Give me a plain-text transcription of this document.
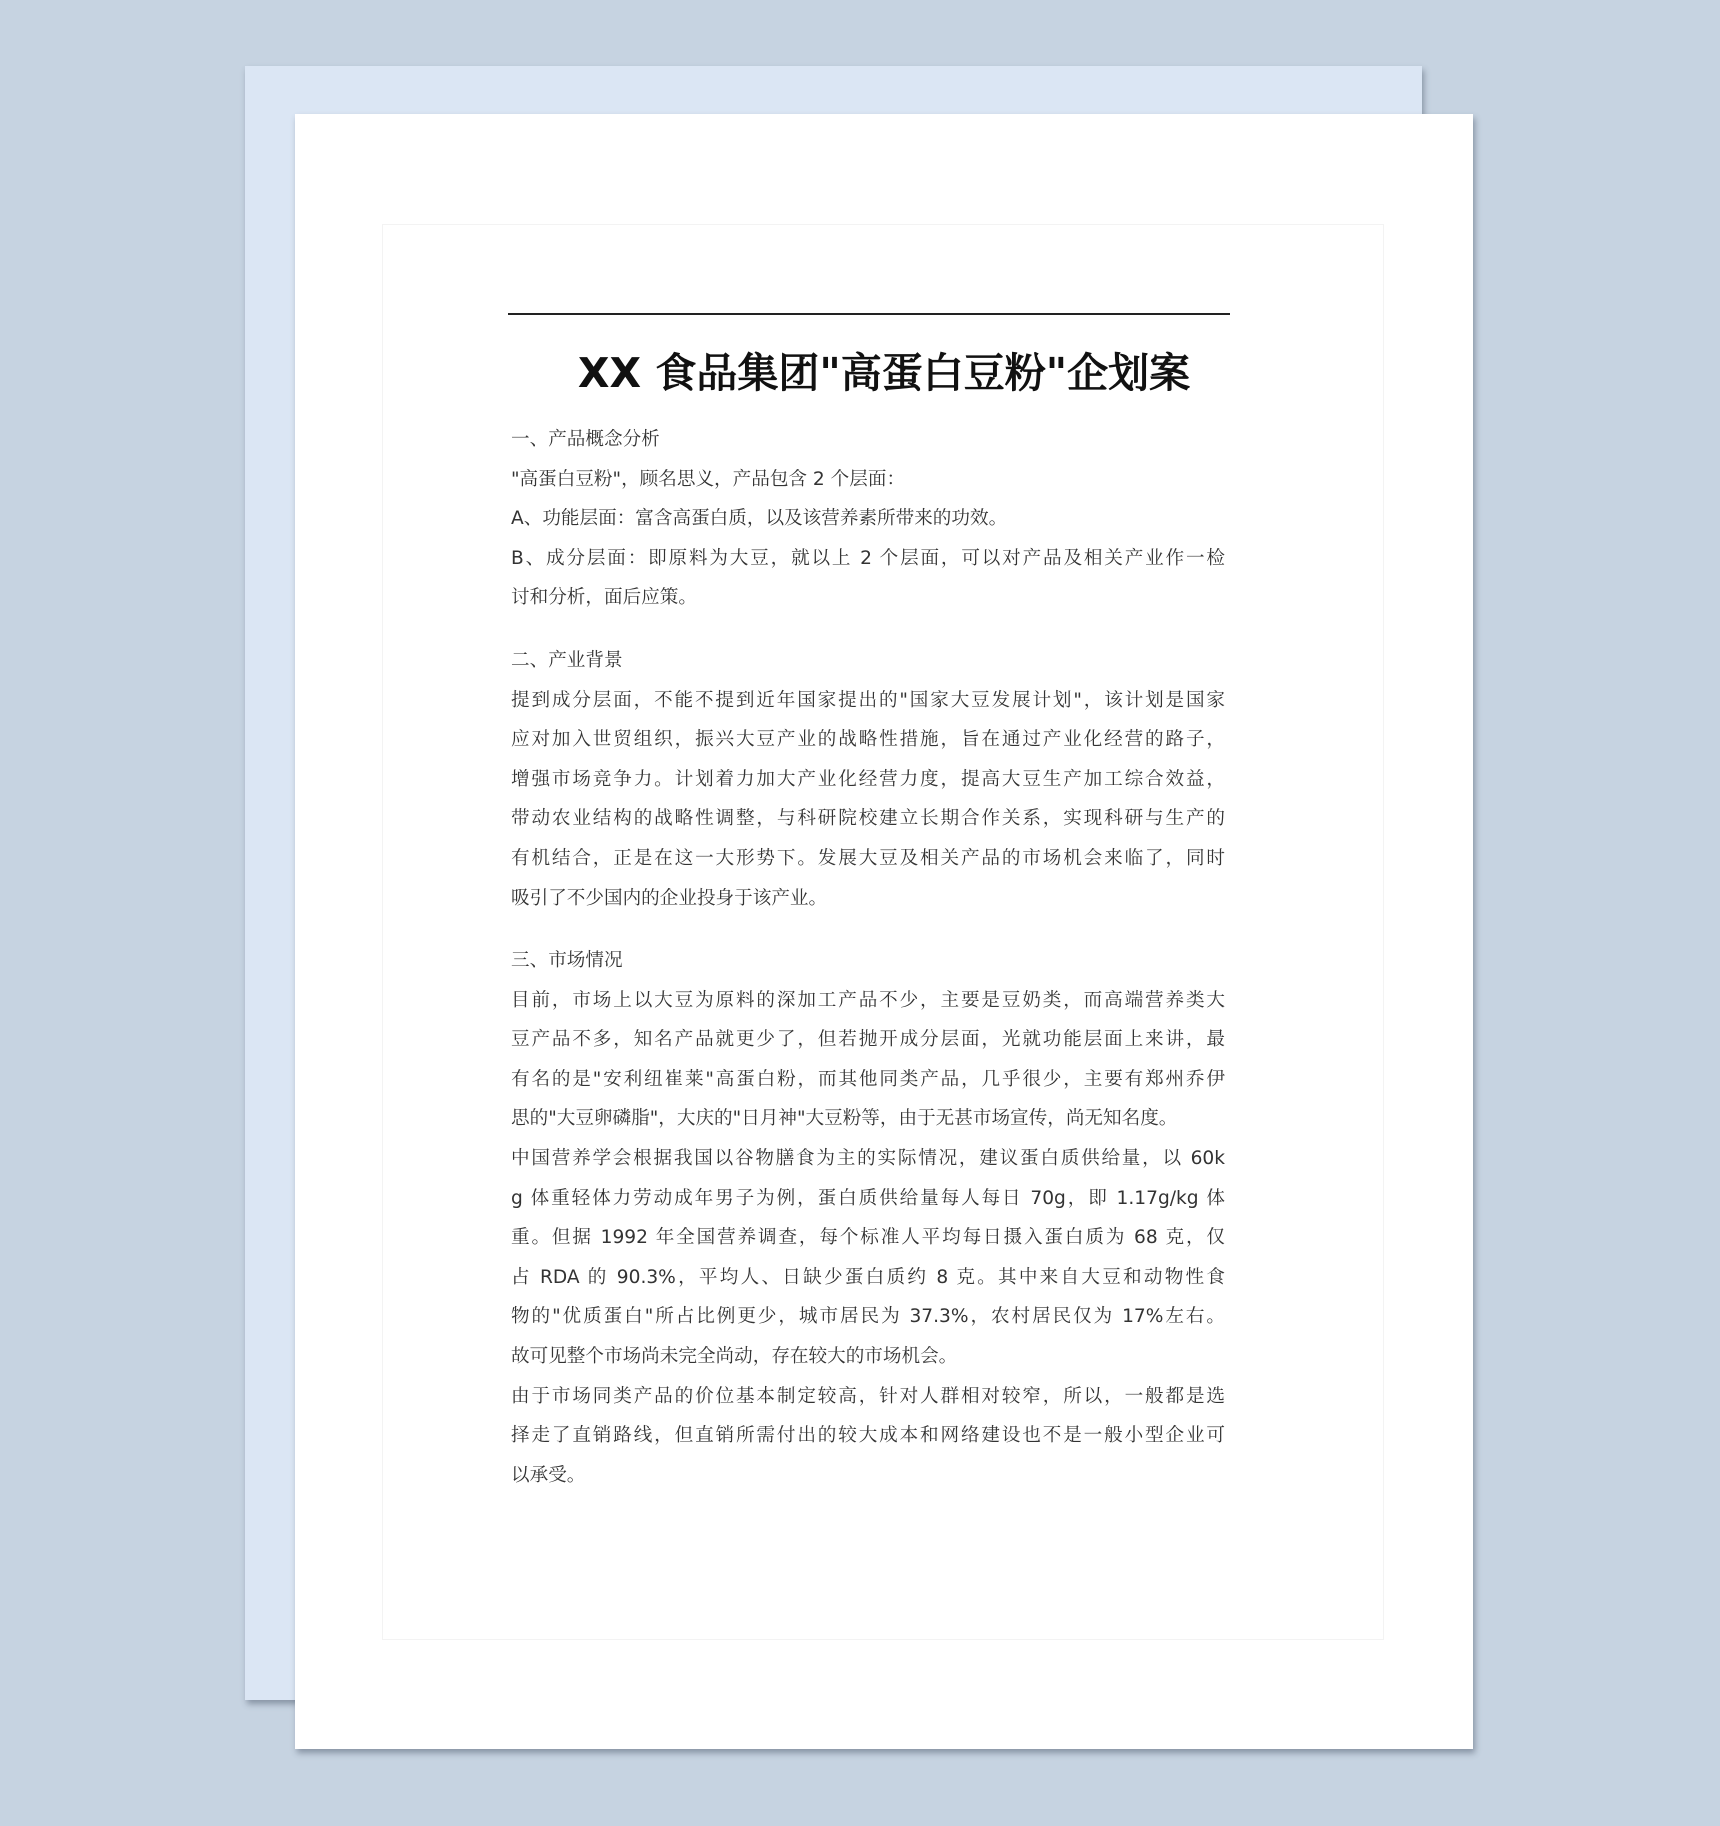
XX 食品集团"高蛋白豆粉"企划案
一、产品概念分析
"高蛋白豆粉"，顾名思义，产品包含 2 个层面：
A、功能层面：富含高蛋白质，以及该营养素所带来的功效。
B、成分层面：即原料为大豆，就以上 2 个层面，可以对产品及相关产业作一检
讨和分析，面后应策。
二、产业背景
提到成分层面，不能不提到近年国家提出的"国家大豆发展计划"，该计划是国家
应对加入世贸组织，振兴大豆产业的战略性措施，旨在通过产业化经营的路子，
增强市场竞争力。计划着力加大产业化经营力度，提高大豆生产加工综合效益，
带动农业结构的战略性调整，与科研院校建立长期合作关系，实现科研与生产的
有机结合，正是在这一大形势下。发展大豆及相关产品的市场机会来临了，同时
吸引了不少国内的企业投身于该产业。
三、市场情况
目前，市场上以大豆为原料的深加工产品不少，主要是豆奶类，而高端营养类大
豆产品不多，知名产品就更少了，但若抛开成分层面，光就功能层面上来讲，最
有名的是"安利纽崔莱"高蛋白粉，而其他同类产品，几乎很少，主要有郑州乔伊
思的"大豆卵磷脂"，大庆的"日月神"大豆粉等，由于无甚市场宣传，尚无知名度。
中国营养学会根据我国以谷物膳食为主的实际情况，建议蛋白质供给量，以 60k
g 体重轻体力劳动成年男子为例，蛋白质供给量每人每日 70g，即 1.17g/kg 体
重。但据 1992 年全国营养调查，每个标准人平均每日摄入蛋白质为 68 克，仅
占 RDA 的 90.3%，平均人、日缺少蛋白质约 8 克。其中来自大豆和动物性食
物的"优质蛋白"所占比例更少，城市居民为 37.3%，农村居民仅为 17%左右。
故可见整个市场尚未完全尚动，存在较大的市场机会。
由于市场同类产品的价位基本制定较高，针对人群相对较窄，所以，一般都是选
择走了直销路线，但直销所需付出的较大成本和网络建设也不是一般小型企业可
以承受。
